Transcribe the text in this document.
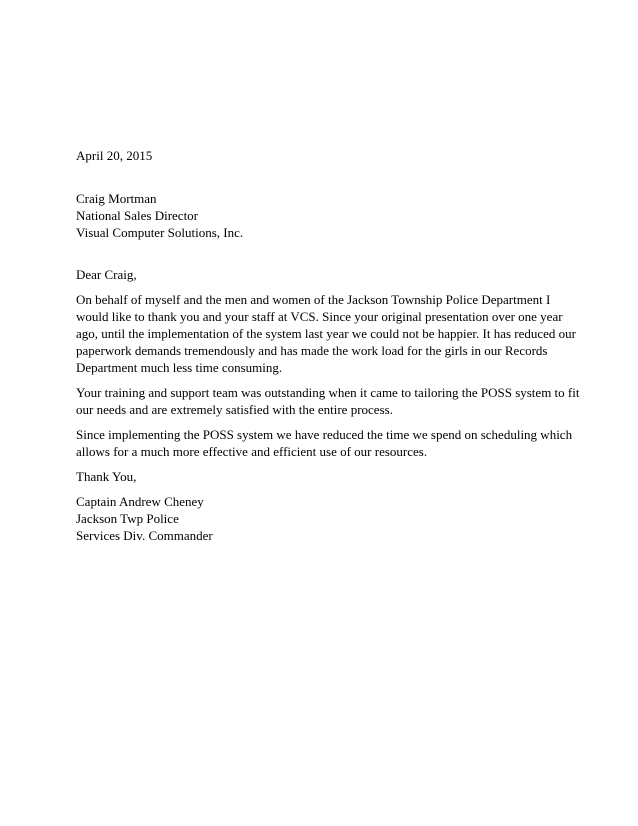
April 20, 2015
Craig Mortman
National Sales Director
Visual Computer Solutions, Inc.
Dear Craig,
On behalf of myself and the men and women of the Jackson Township Police Department I
would like to thank you and your staff at VCS. Since your original presentation over one year
ago, until the implementation of the system last year we could not be happier. It has reduced our
paperwork demands tremendously and has made the work load for the girls in our Records
Department much less time consuming.
Your training and support team was outstanding when it came to tailoring the POSS system to fit
our needs and are extremely satisfied with the entire process.
Since implementing the POSS system we have reduced the time we spend on scheduling which
allows for a much more effective and efficient use of our resources.
Thank You,
Captain Andrew Cheney
Jackson Twp Police
Services Div. Commander
